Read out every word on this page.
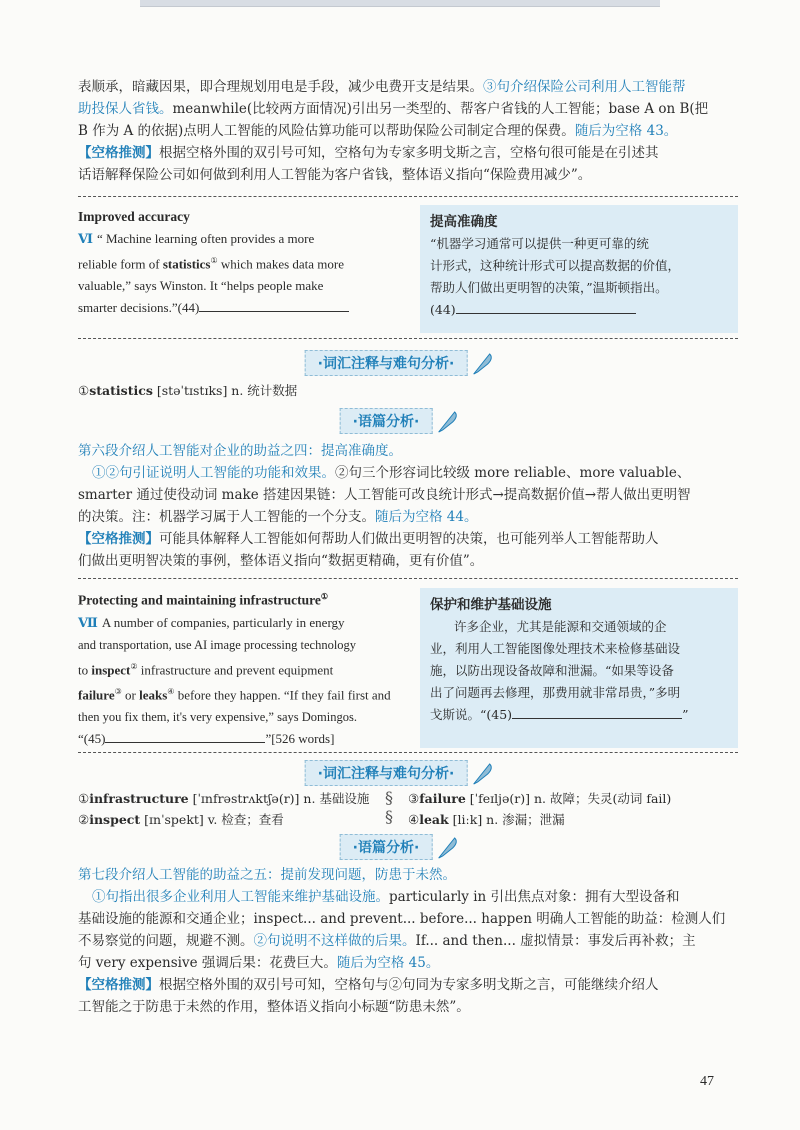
表顺承，暗藏因果，即合理规划用电是手段，减少电费开支是结果。③句介绍保险公司利用人工智能帮
助投保人省钱。meanwhile(比较两方面情况)引出另一类型的、帮客户省钱的人工智能；base A on B(把
B 作为 A 的依据)点明人工智能的风险估算功能可以帮助保险公司制定合理的保费。随后为空格 43。
【空格推测】根据空格外围的双引号可知，空格句为专家多明戈斯之言，空格句很可能是在引述其
话语解释保险公司如何做到利用人工智能为客户省钱，整体语义指向“保险费用减少”。
Improved accuracy
Ⅵ “ Machine learning often provides a more
reliable form of statistics① which makes data more
valuable,” says Winston. It “helps people make
smarter decisions.”(44)
提高准确度
“机器学习通常可以提供一种更可靠的统
计形式，这种统计形式可以提高数据的价值，
帮助人们做出更明智的决策，”温斯顿指出。
(44)
·词汇注释与难句分析·
①statistics [stəˈtɪstɪks] n. 统计数据
·语篇分析·
第六段介绍人工智能对企业的助益之四：提高准确度。
①②句引证说明人工智能的功能和效果。②句三个形容词比较级 more reliable、more valuable、
smarter 通过使役动词 make 搭建因果链：人工智能可改良统计形式→提高数据价值→帮人做出更明智
的决策。注：机器学习属于人工智能的一个分支。随后为空格 44。
【空格推测】可能具体解释人工智能如何帮助人们做出更明智的决策，也可能列举人工智能帮助人
们做出更明智决策的事例，整体语义指向“数据更精确，更有价值”。
Protecting and maintaining infrastructure①
Ⅶ A number of companies, particularly in energy
and transportation, use AI image processing technology
to inspect② infrastructure and prevent equipment
failure③ or leaks④ before they happen. “If they fail first and
then you fix them, it's very expensive,” says Domingos.
“(45)	”[526 words]
保护和维护基础设施
许多企业，尤其是能源和交通领域的企
业，利用人工智能图像处理技术来检修基础设
施，以防出现设备故障和泄漏。“如果等设备
出了问题再去修理，那费用就非常昂贵，”多明
戈斯说。“(45)	”
·词汇注释与难句分析·
①infrastructure [ˈɪnfrəstrʌktʃə(r)] n. 基础设施
②inspect [ɪnˈspekt] v. 检查；查看
§
§
③failure [ˈfeɪljə(r)] n. 故障；失灵(动词 fail)
④leak [liːk] n. 渗漏；泄漏
·语篇分析·
第七段介绍人工智能的助益之五：提前发现问题，防患于未然。
①句指出很多企业利用人工智能来维护基础设施。particularly in 引出焦点对象：拥有大型设备和
基础设施的能源和交通企业；inspect... and prevent... before... happen 明确人工智能的助益：检测人们
不易察觉的问题，规避不测。②句说明不这样做的后果。If... and then... 虚拟情景：事发后再补救；主
句 very expensive 强调后果：花费巨大。随后为空格 45。
【空格推测】根据空格外围的双引号可知，空格句与②句同为专家多明戈斯之言，可能继续介绍人
工智能之于防患于未然的作用，整体语义指向小标题“防患未然”。
47
